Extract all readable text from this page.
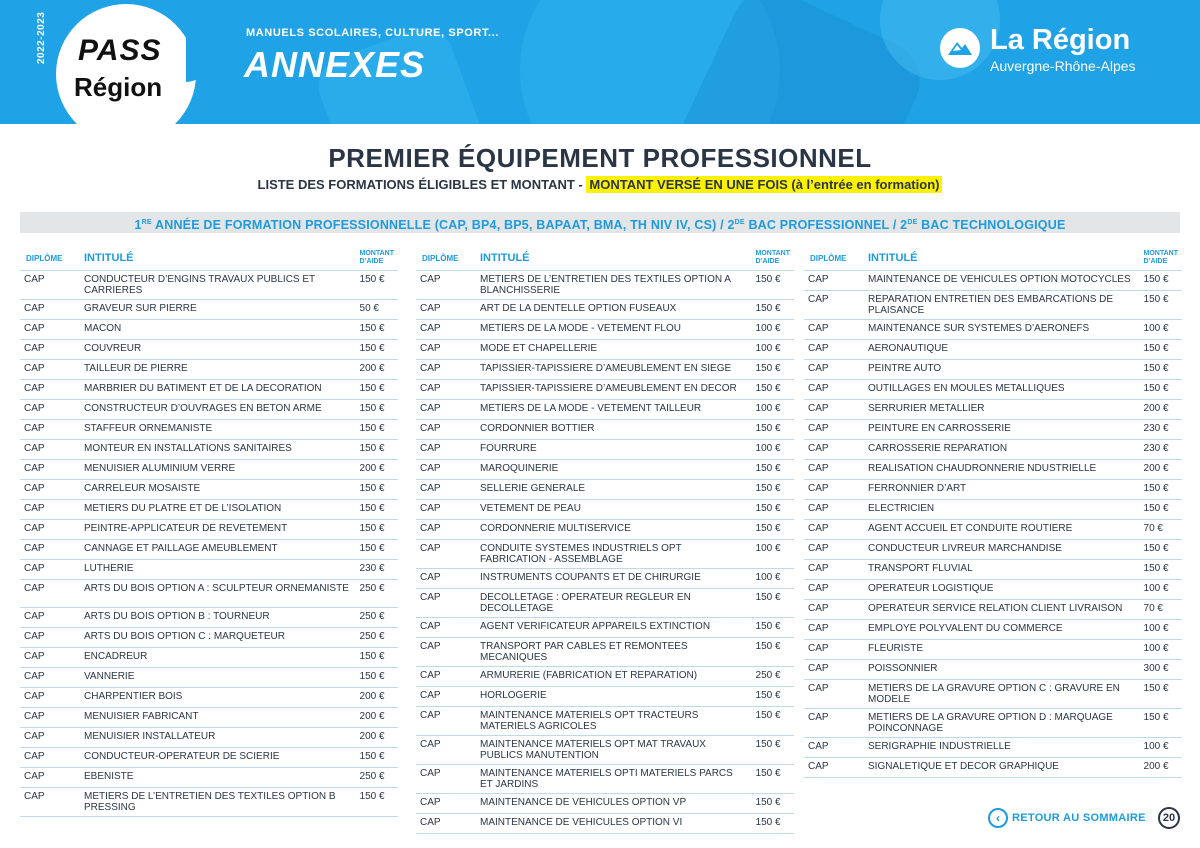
2022-2023 PASS
Région
MANUELS SCOLAIRES, CULTURE, SPORT...
ANNEXES
La Région
Auvergne-Rhône-Alpes
PREMIER ÉQUIPEMENT PROFESSIONNEL
LISTE DES FORMATIONS ÉLIGIBLES ET MONTANT - MONTANT VERSÉ EN UNE FOIS (à l’entrée en formation)
1RE ANNÉE DE FORMATION PROFESSIONNELLE (CAP, BP4, BP5, BAPAAT, BMA, TH NIV IV, CS) / 2DE BAC PROFESSIONNEL / 2DE BAC TECHNOLOGIQUE
DIPLÔME	INTITULÉ	MONTANT
D’AIDE
CAP	CONDUCTEUR D’ENGINS TRAVAUX PUBLICS ET CARRIERES	150 €
CAP	GRAVEUR SUR PIERRE	50 €
CAP	MACON	150 €
CAP	COUVREUR	150 €
CAP	TAILLEUR DE PIERRE	200 €
CAP	MARBRIER DU BATIMENT ET DE LA DECORATION	150 €
CAP	CONSTRUCTEUR D’OUVRAGES EN BETON ARME	150 €
CAP	STAFFEUR ORNEMANISTE	150 €
CAP	MONTEUR EN INSTALLATIONS SANITAIRES	150 €
CAP	MENUISIER ALUMINIUM VERRE	200 €
CAP	CARRELEUR MOSAISTE	150 €
CAP	METIERS DU PLATRE ET DE L’ISOLATION	150 €
CAP	PEINTRE-APPLICATEUR DE REVETEMENT	150 €
CAP	CANNAGE ET PAILLAGE AMEUBLEMENT	150 €
CAP	LUTHERIE	230 €
CAP	ARTS DU BOIS OPTION A : SCULPTEUR ORNEMANISTE	250 €
CAP	ARTS DU BOIS OPTION B : TOURNEUR	250 €
CAP	ARTS DU BOIS OPTION C : MARQUETEUR	250 €
CAP	ENCADREUR	150 €
CAP	VANNERIE	150 €
CAP	CHARPENTIER BOIS	200 €
CAP	MENUISIER FABRICANT	200 €
CAP	MENUISIER INSTALLATEUR	200 €
CAP	CONDUCTEUR-OPERATEUR DE SCIERIE	150 €
CAP	EBENISTE	250 €
CAP	METIERS DE L’ENTRETIEN DES TEXTILES OPTION B PRESSING	150 €
DIPLÔME	INTITULÉ	MONTANT
D’AIDE
CAP	METIERS DE L’ENTRETIEN DES TEXTILES OPTION A BLANCHISSERIE	150 €
CAP	ART DE LA DENTELLE OPTION FUSEAUX	150 €
CAP	METIERS DE LA MODE - VETEMENT FLOU	100 €
CAP	MODE ET CHAPELLERIE	100 €
CAP	TAPISSIER-TAPISSIERE D’AMEUBLEMENT EN SIEGE	150 €
CAP	TAPISSIER-TAPISSIERE D’AMEUBLEMENT EN DECOR	150 €
CAP	METIERS DE LA MODE - VETEMENT TAILLEUR	100 €
CAP	CORDONNIER BOTTIER	150 €
CAP	FOURRURE	100 €
CAP	MAROQUINERIE	150 €
CAP	SELLERIE GENERALE	150 €
CAP	VETEMENT DE PEAU	150 €
CAP	CORDONNERIE MULTISERVICE	150 €
CAP	CONDUITE SYSTEMES INDUSTRIELS OPT FABRICATION - ASSEMBLAGE	100 €
CAP	INSTRUMENTS COUPANTS ET DE CHIRURGIE	100 €
CAP	DECOLLETAGE : OPERATEUR REGLEUR EN DECOLLETAGE	150 €
CAP	AGENT VERIFICATEUR APPAREILS EXTINCTION	150 €
CAP	TRANSPORT PAR CABLES ET REMONTEES MECANIQUES	150 €
CAP	ARMURERIE (FABRICATION ET REPARATION)	250 €
CAP	HORLOGERIE	150 €
CAP	MAINTENANCE MATERIELS OPT TRACTEURS MATERIELS AGRICOLES	150 €
CAP	MAINTENANCE MATERIELS OPT MAT TRAVAUX PUBLICS MANUTENTION	150 €
CAP	MAINTENANCE MATERIELS OPTI MATERIELS PARCS ET JARDINS	150 €
CAP	MAINTENANCE DE VEHICULES OPTION VP	150 €
CAP	MAINTENANCE DE VEHICULES OPTION VI	150 €
DIPLÔME	INTITULÉ	MONTANT
D’AIDE
CAP	MAINTENANCE DE VEHICULES OPTION MOTOCYCLES	150 €
CAP	REPARATION ENTRETIEN DES EMBARCATIONS DE PLAISANCE	150 €
CAP	MAINTENANCE SUR SYSTEMES D’AERONEFS	100 €
CAP	AERONAUTIQUE	150 €
CAP	PEINTRE AUTO	150 €
CAP	OUTILLAGES EN MOULES METALLIQUES	150 €
CAP	SERRURIER METALLIER	200 €
CAP	PEINTURE EN CARROSSERIE	230 €
CAP	CARROSSERIE REPARATION	230 €
CAP	REALISATION CHAUDRONNERIE NDUSTRIELLE	200 €
CAP	FERRONNIER D’ART	150 €
CAP	ELECTRICIEN	150 €
CAP	AGENT ACCUEIL ET CONDUITE ROUTIERE	70 €
CAP	CONDUCTEUR LIVREUR MARCHANDISE	150 €
CAP	TRANSPORT FLUVIAL	150 €
CAP	OPERATEUR LOGISTIQUE	100 €
CAP	OPERATEUR SERVICE RELATION CLIENT LIVRAISON	70 €
CAP	EMPLOYE POLYVALENT DU COMMERCE	100 €
CAP	FLEURISTE	100 €
CAP	POISSONNIER	300 €
CAP	METIERS DE LA GRAVURE OPTION C : GRAVURE EN MODELE	150 €
CAP	METIERS DE LA GRAVURE OPTION D : MARQUAGE POINCONNAGE	150 €
CAP	SERIGRAPHIE INDUSTRIELLE	100 €
CAP	SIGNALETIQUE ET DECOR GRAPHIQUE	200 €
‹	RETOUR AU SOMMAIRE	20
